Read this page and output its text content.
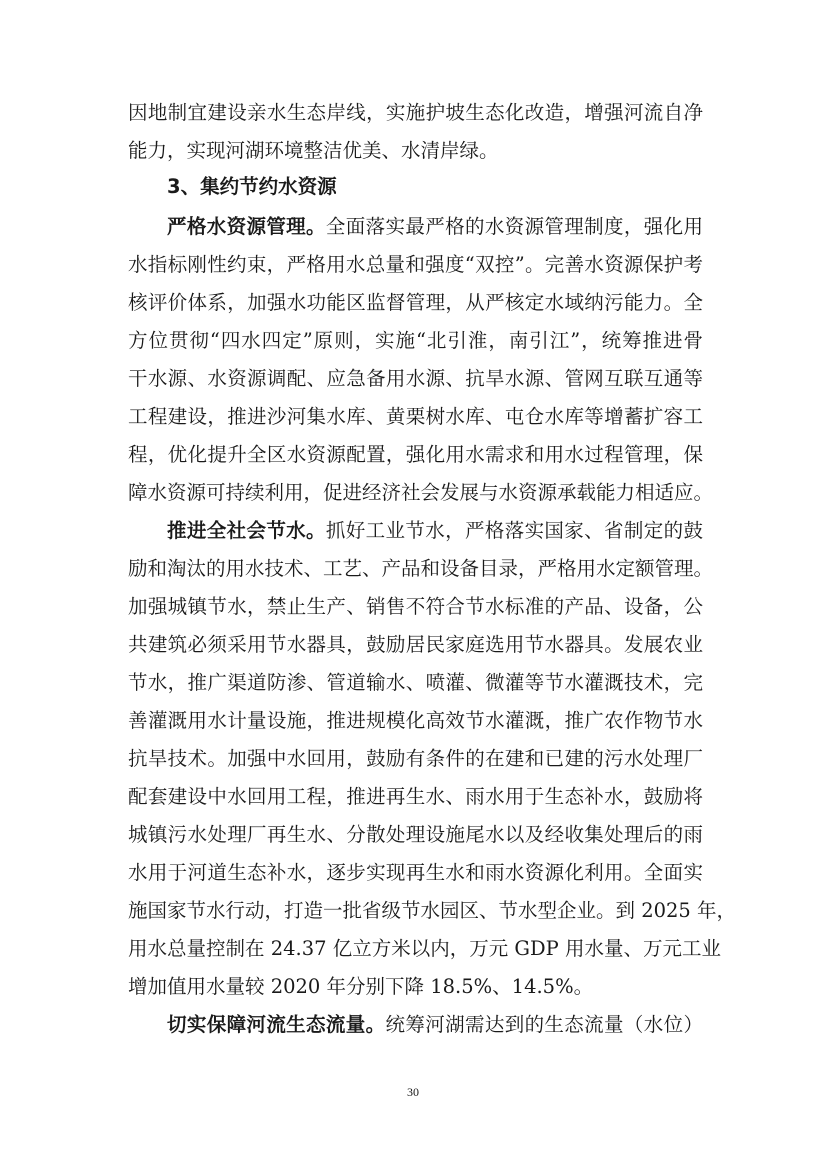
因地制宜建设亲水生态岸线，实施护坡生态化改造，增强河流自净
能力，实现河湖环境整洁优美、水清岸绿。
3、集约节约水资源
严格水资源管理。全面落实最严格的水资源管理制度，强化用
水指标刚性约束，严格用水总量和强度“双控”。完善水资源保护考
核评价体系，加强水功能区监督管理，从严核定水域纳污能力。全
方位贯彻“四水四定”原则，实施“北引淮，南引江”，统筹推进骨
干水源、水资源调配、应急备用水源、抗旱水源、管网互联互通等
工程建设，推进沙河集水库、黄栗树水库、屯仓水库等增蓄扩容工
程，优化提升全区水资源配置，强化用水需求和用水过程管理，保
障水资源可持续利用，促进经济社会发展与水资源承载能力相适应。
推进全社会节水。抓好工业节水，严格落实国家、省制定的鼓
励和淘汰的用水技术、工艺、产品和设备目录，严格用水定额管理。
加强城镇节水，禁止生产、销售不符合节水标准的产品、设备，公
共建筑必须采用节水器具，鼓励居民家庭选用节水器具。发展农业
节水，推广渠道防渗、管道输水、喷灌、微灌等节水灌溉技术，完
善灌溉用水计量设施，推进规模化高效节水灌溉，推广农作物节水
抗旱技术。加强中水回用，鼓励有条件的在建和已建的污水处理厂
配套建设中水回用工程，推进再生水、雨水用于生态补水，鼓励将
城镇污水处理厂再生水、分散处理设施尾水以及经收集处理后的雨
水用于河道生态补水，逐步实现再生水和雨水资源化利用。全面实
施国家节水行动，打造一批省级节水园区、节水型企业。到 2025 年，
用水总量控制在 24.37 亿立方米以内，万元 GDP 用水量、万元工业
增加值用水量较 2020 年分别下降 18.5%、14.5%。
切实保障河流生态流量。统筹河湖需达到的生态流量（水位）
30
